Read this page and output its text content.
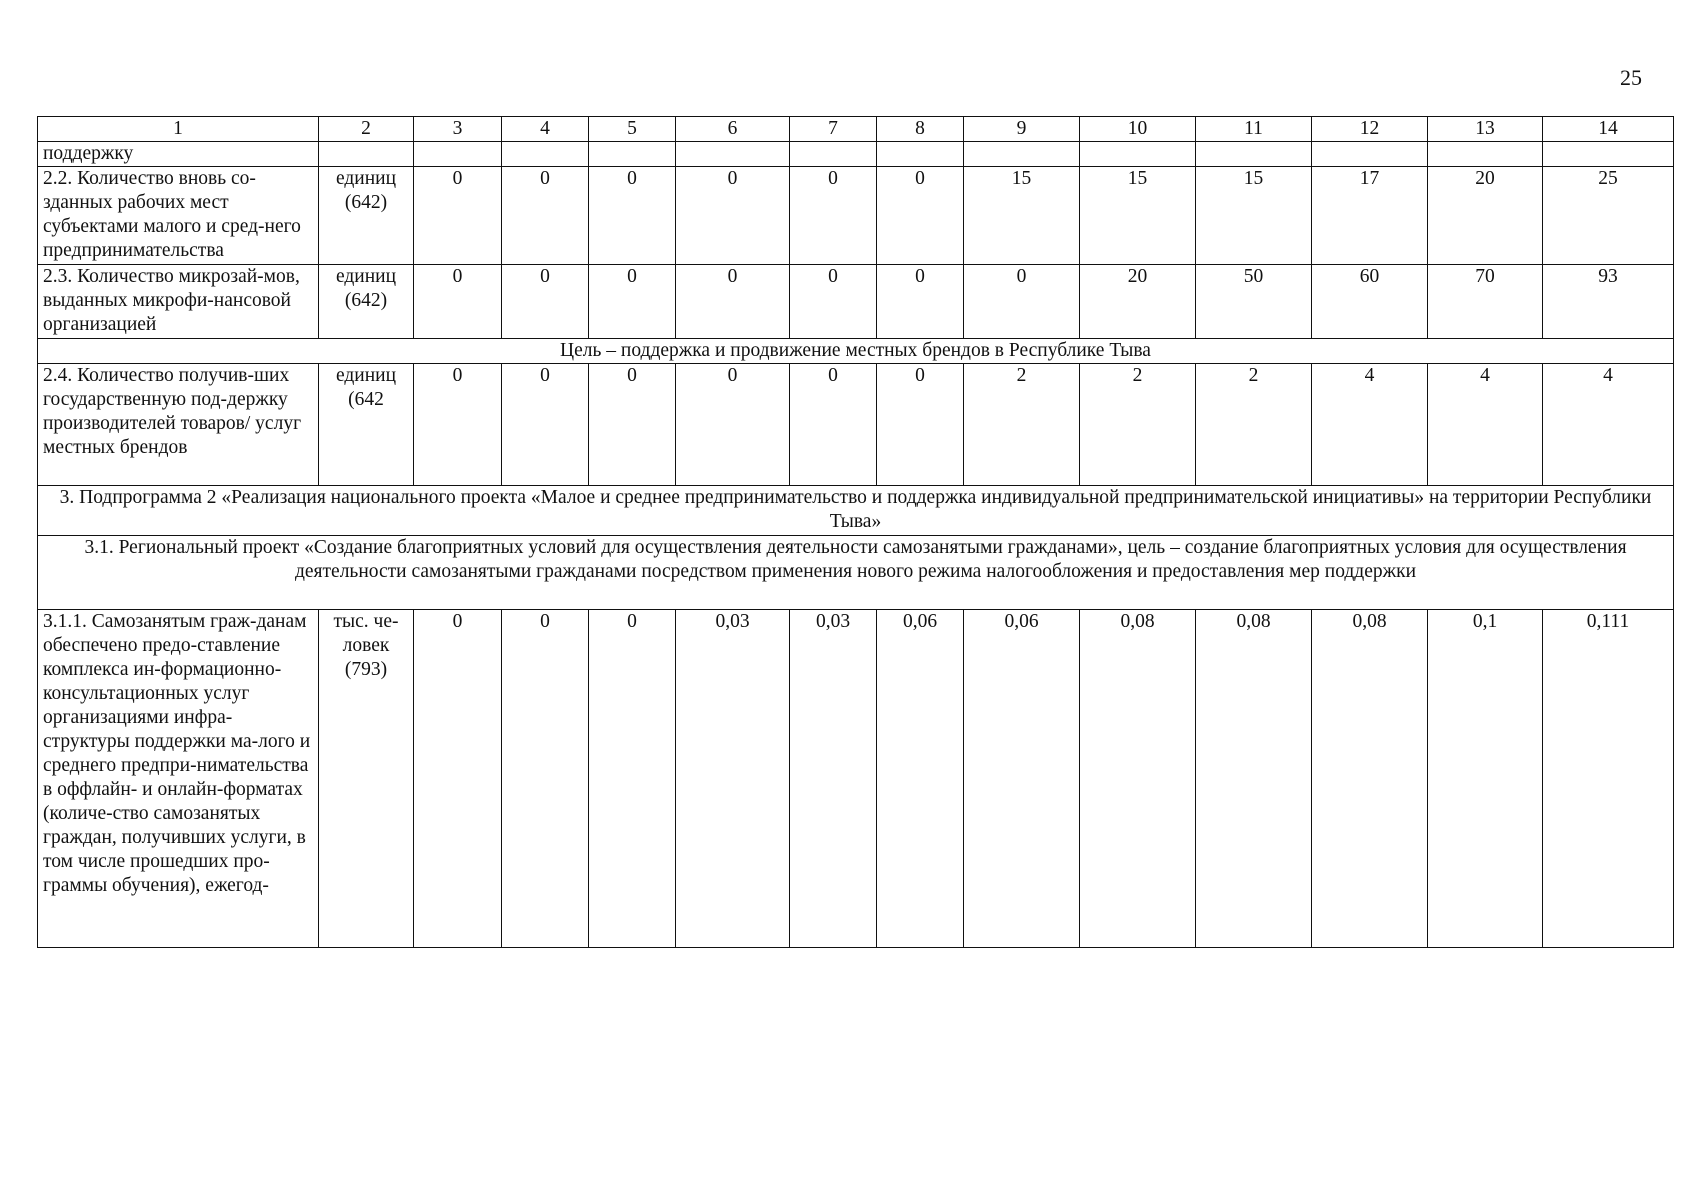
25
1	2	3	4	5	6	7	8	9	10	11	12	13	14
поддержку													
2.2. Количество вновь со-зданных рабочих мест субъектами малого и сред-него предпринимательства	единиц (642)	0	0	0	0	0	0	15	15	15	17	20	25
2.3. Количество микрозай-мов, выданных микрофи-нансовой организацией	единиц (642)	0	0	0	0	0	0	0	20	50	60	70	93
Цель – поддержка и продвижение местных брендов в Республике Тыва													
2.4. Количество получив-ших государственную под-держку производителей товаров/ услуг местных брендов	единиц (642	0	0	0	0	0	0	2	2	2	4	4	4
3. Подпрограмма 2 «Реализация национального проекта «Малое и среднее предпринимательство и поддержка индивидуальной предпринимательской инициативы» на территории Республики Тыва»													
3.1. Региональный проект «Создание благоприятных условий для осуществления деятельности самозанятыми гражданами», цель – создание благоприятных условия для осуществления деятельности самозанятыми гражданами посредством применения нового режима налогообложения и предоставления мер поддержки													
3.1.1. Самозанятым граж-данам обеспечено предо-ставление комплекса ин-формационно-консультационных услуг организациями инфра-структуры поддержки ма-лого и среднего предпри-нимательства в оффлайн- и онлайн-форматах (количе-ство самозанятых граждан, получивших услуги, в том числе прошедших про-граммы обучения), ежегод-	тыс. че-ловек (793)	0	0	0	0,03	0,03	0,06	0,06	0,08	0,08	0,08	0,1	0,111
